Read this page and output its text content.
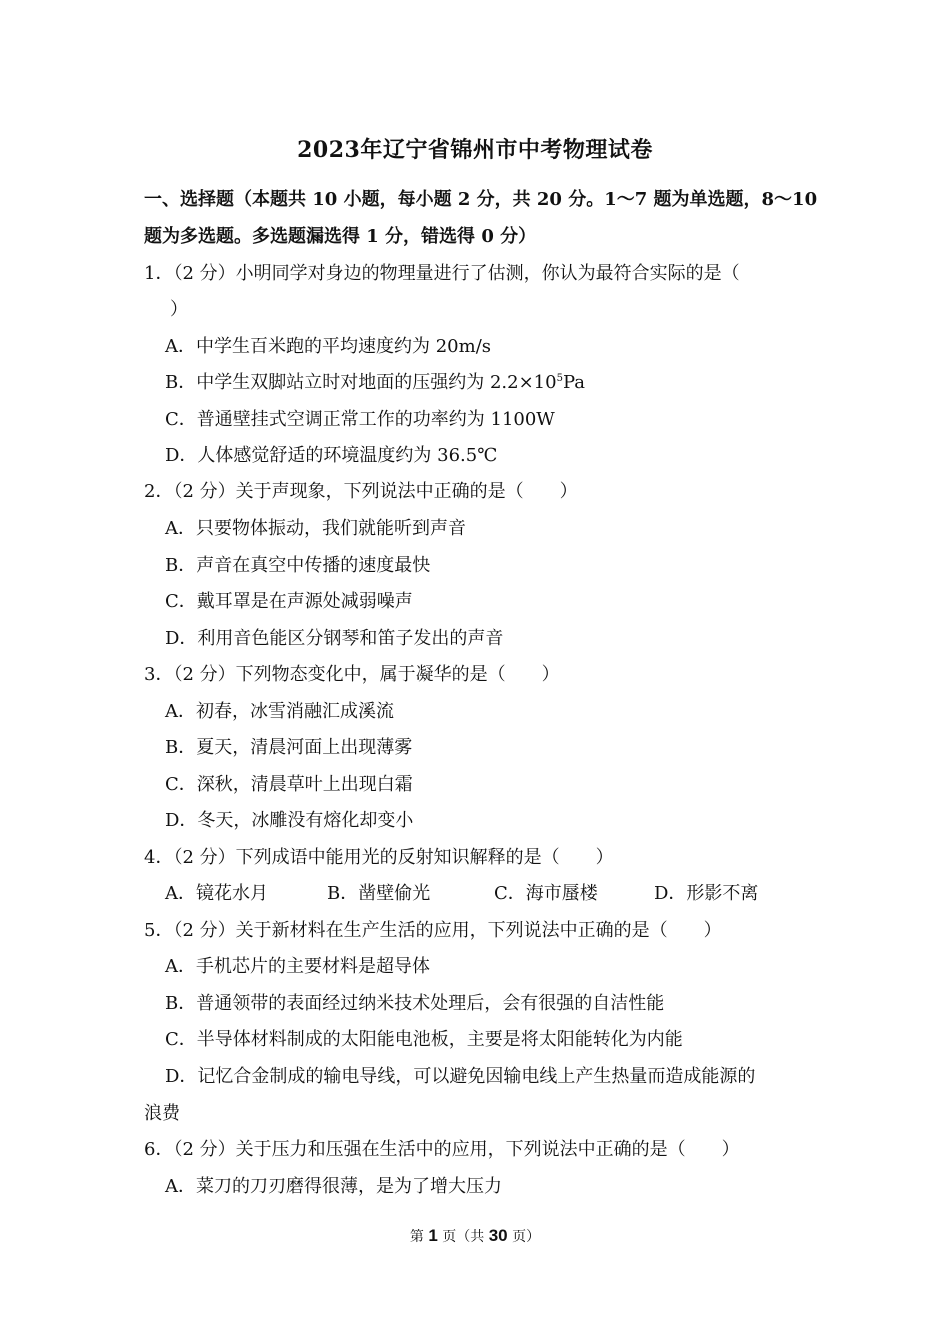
2023年辽宁省锦州市中考物理试卷
一、选择题（本题共 10 小题，每小题 2 分，共 20 分。1～7 题为单选题，8～10
题为多选题。多选题漏选得 1 分，错选得 0 分）
1．（2 分）小明同学对身边的物理量进行了估测，你认为最符合实际的是（
）
A．中学生百米跑的平均速度约为 20m/s
B．中学生双脚站立时对地面的压强约为 $2.2\times 10^5Pa$
C．普通壁挂式空调正常工作的功率约为 1100W
D．人体感觉舒适的环境温度约为 36.5℃
2．（2 分）关于声现象，下列说法中正确的是（　　）
A．只要物体振动，我们就能听到声音
B．声音在真空中传播的速度最快
C．戴耳罩是在声源处减弱噪声
D．利用音色能区分钢琴和笛子发出的声音
3．（2 分）下列物态变化中，属于凝华的是（　　）
A．初春，冰雪消融汇成溪流
B．夏天，清晨河面上出现薄雾
C．深秋，清晨草叶上出现白霜
D．冬天，冰雕没有熔化却变小
4．（2 分）下列成语中能用光的反射知识解释的是（　　）
A．镜花水月	B．凿壁偷光	C．海市蜃楼	D．形影不离
5．（2 分）关于新材料在生产生活的应用，下列说法中正确的是（　　）
A．手机芯片的主要材料是超导体
B．普通领带的表面经过纳米技术处理后，会有很强的自洁性能
C．半导体材料制成的太阳能电池板，主要是将太阳能转化为内能
D．记忆合金制成的输电导线，可以避免因输电线上产生热量而造成能源的
浪费
6．（2 分）关于压力和压强在生活中的应用，下列说法中正确的是（　　）
A．菜刀的刀刃磨得很薄，是为了增大压力
第 1 页（共 30 页）
